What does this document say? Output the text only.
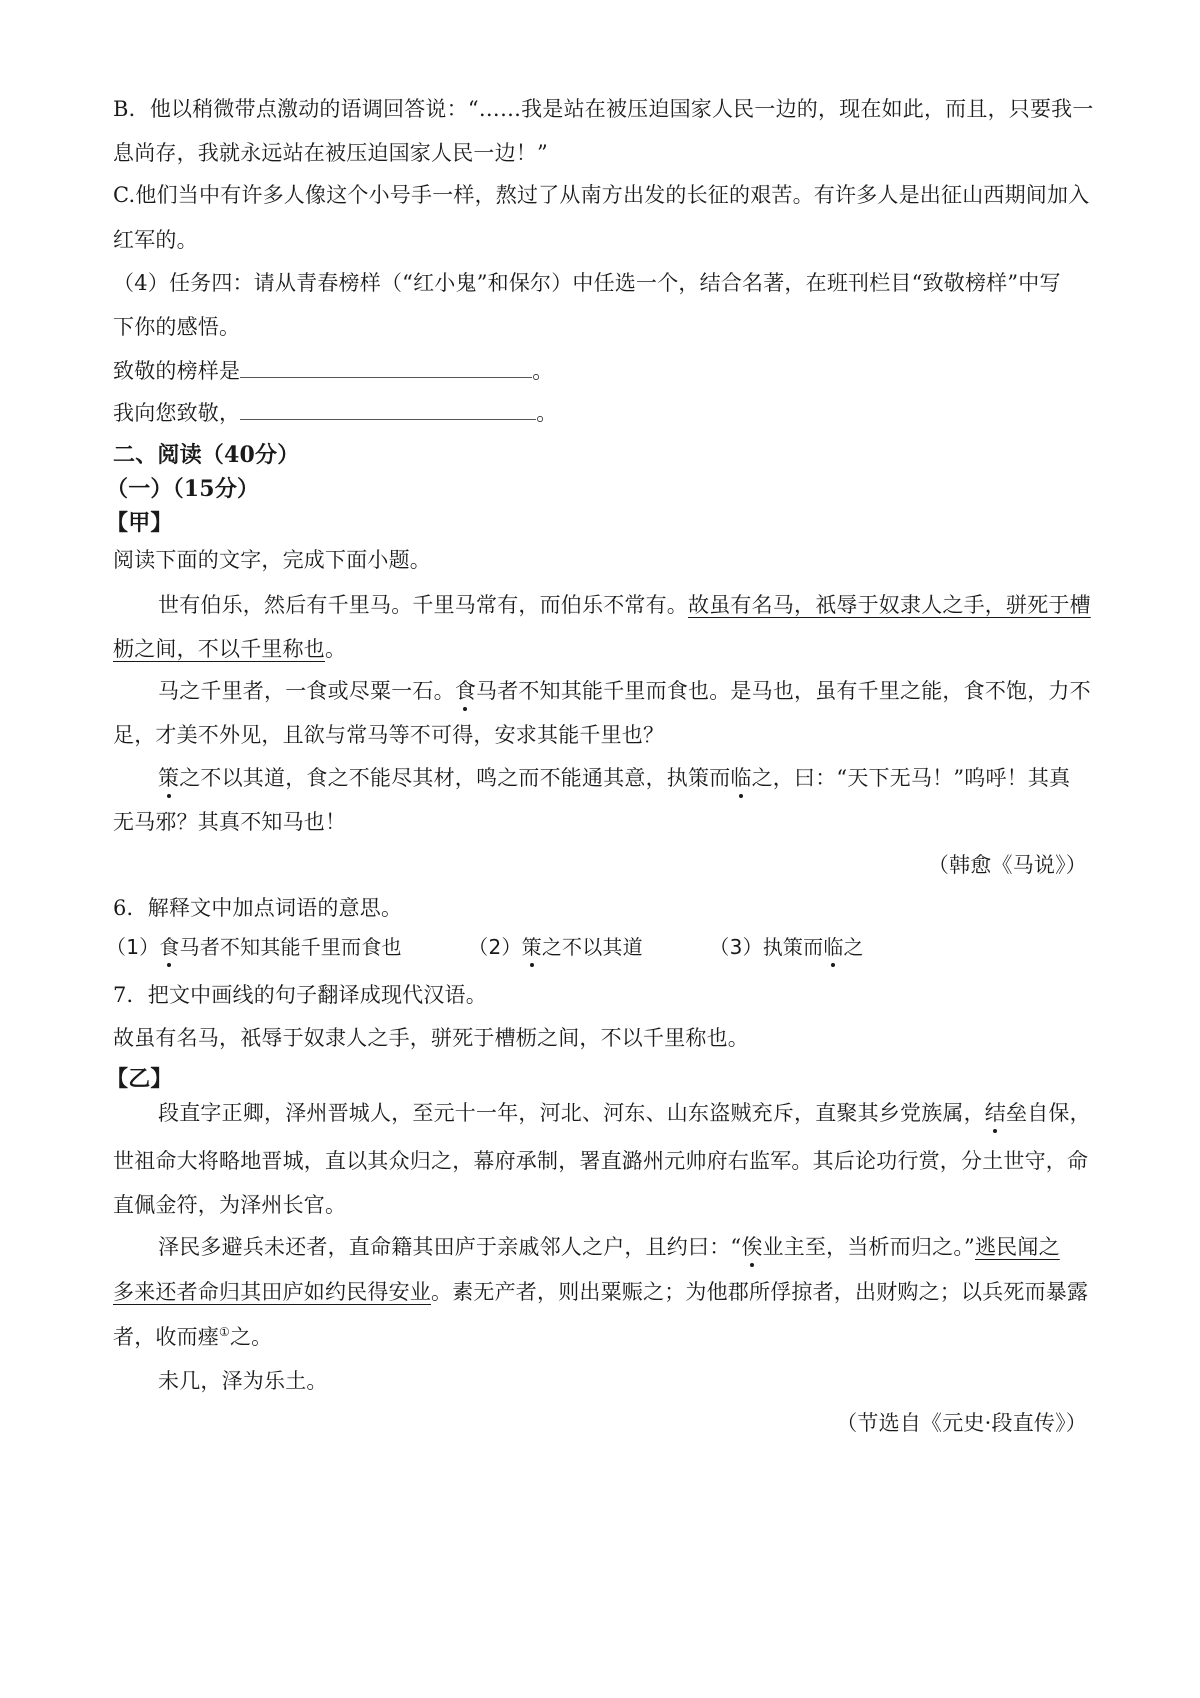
B．他以稍微带点激动的语调回答说：“……我是站在被压迫国家人民一边的，现在如此，而且，只要我一
息尚存，我就永远站在被压迫国家人民一边！”
C.他们当中有许多人像这个小号手一样，熬过了从南方出发的长征的艰苦。有许多人是出征山西期间加入
红军的。
（4）任务四：请从青春榜样（“红小鬼”和保尔）中任选一个，结合名著，在班刊栏目“致敬榜样”中写
下你的感悟。
致敬的榜样是	。
我向您致敬，	。
二、阅读（40分）
（一）（15分）
【甲】
阅读下面的文字，完成下面小题。
世有伯乐，然后有千里马。千里马常有，而伯乐不常有。故虽有名马，祇辱于奴隶人之手，骈死于槽
枥之间，不以千里称也。
马之千里者，一食或尽粟一石。食马者不知其能千里而食也。是马也，虽有千里之能，食不饱，力不
足，才美不外见，且欲与常马等不可得，安求其能千里也？
策之不以其道，食之不能尽其材，鸣之而不能通其意，执策而临之，曰：“天下无马！”呜呼！其真
无马邪？其真不知马也！
（韩愈《马说》）
6．解释文中加点词语的意思。
（1）食马者不知其能千里而食也	（2）策之不以其道	（3）执策而临之
7．把文中画线的句子翻译成现代汉语。
故虽有名马，祇辱于奴隶人之手，骈死于槽枥之间，不以千里称也。
【乙】
段直字正卿，泽州晋城人，至元十一年，河北、河东、山东盗贼充斥，直聚其乡党族属，结垒自保，
世祖命大将略地晋城，直以其众归之，幕府承制，署直潞州元帅府右监军。其后论功行赏，分土世守，命
直佩金符，为泽州长官。
泽民多避兵未还者，直命籍其田庐于亲戚邻人之户，且约曰：“俟业主至，当析而归之。”逃民闻之
多来还者命归其田庐如约民得安业。素无产者，则出粟赈之；为他郡所俘掠者，出财购之；以兵死而暴露
者，收而瘗①之。
未几，泽为乐土。
（节选自《元史·段直传》）
